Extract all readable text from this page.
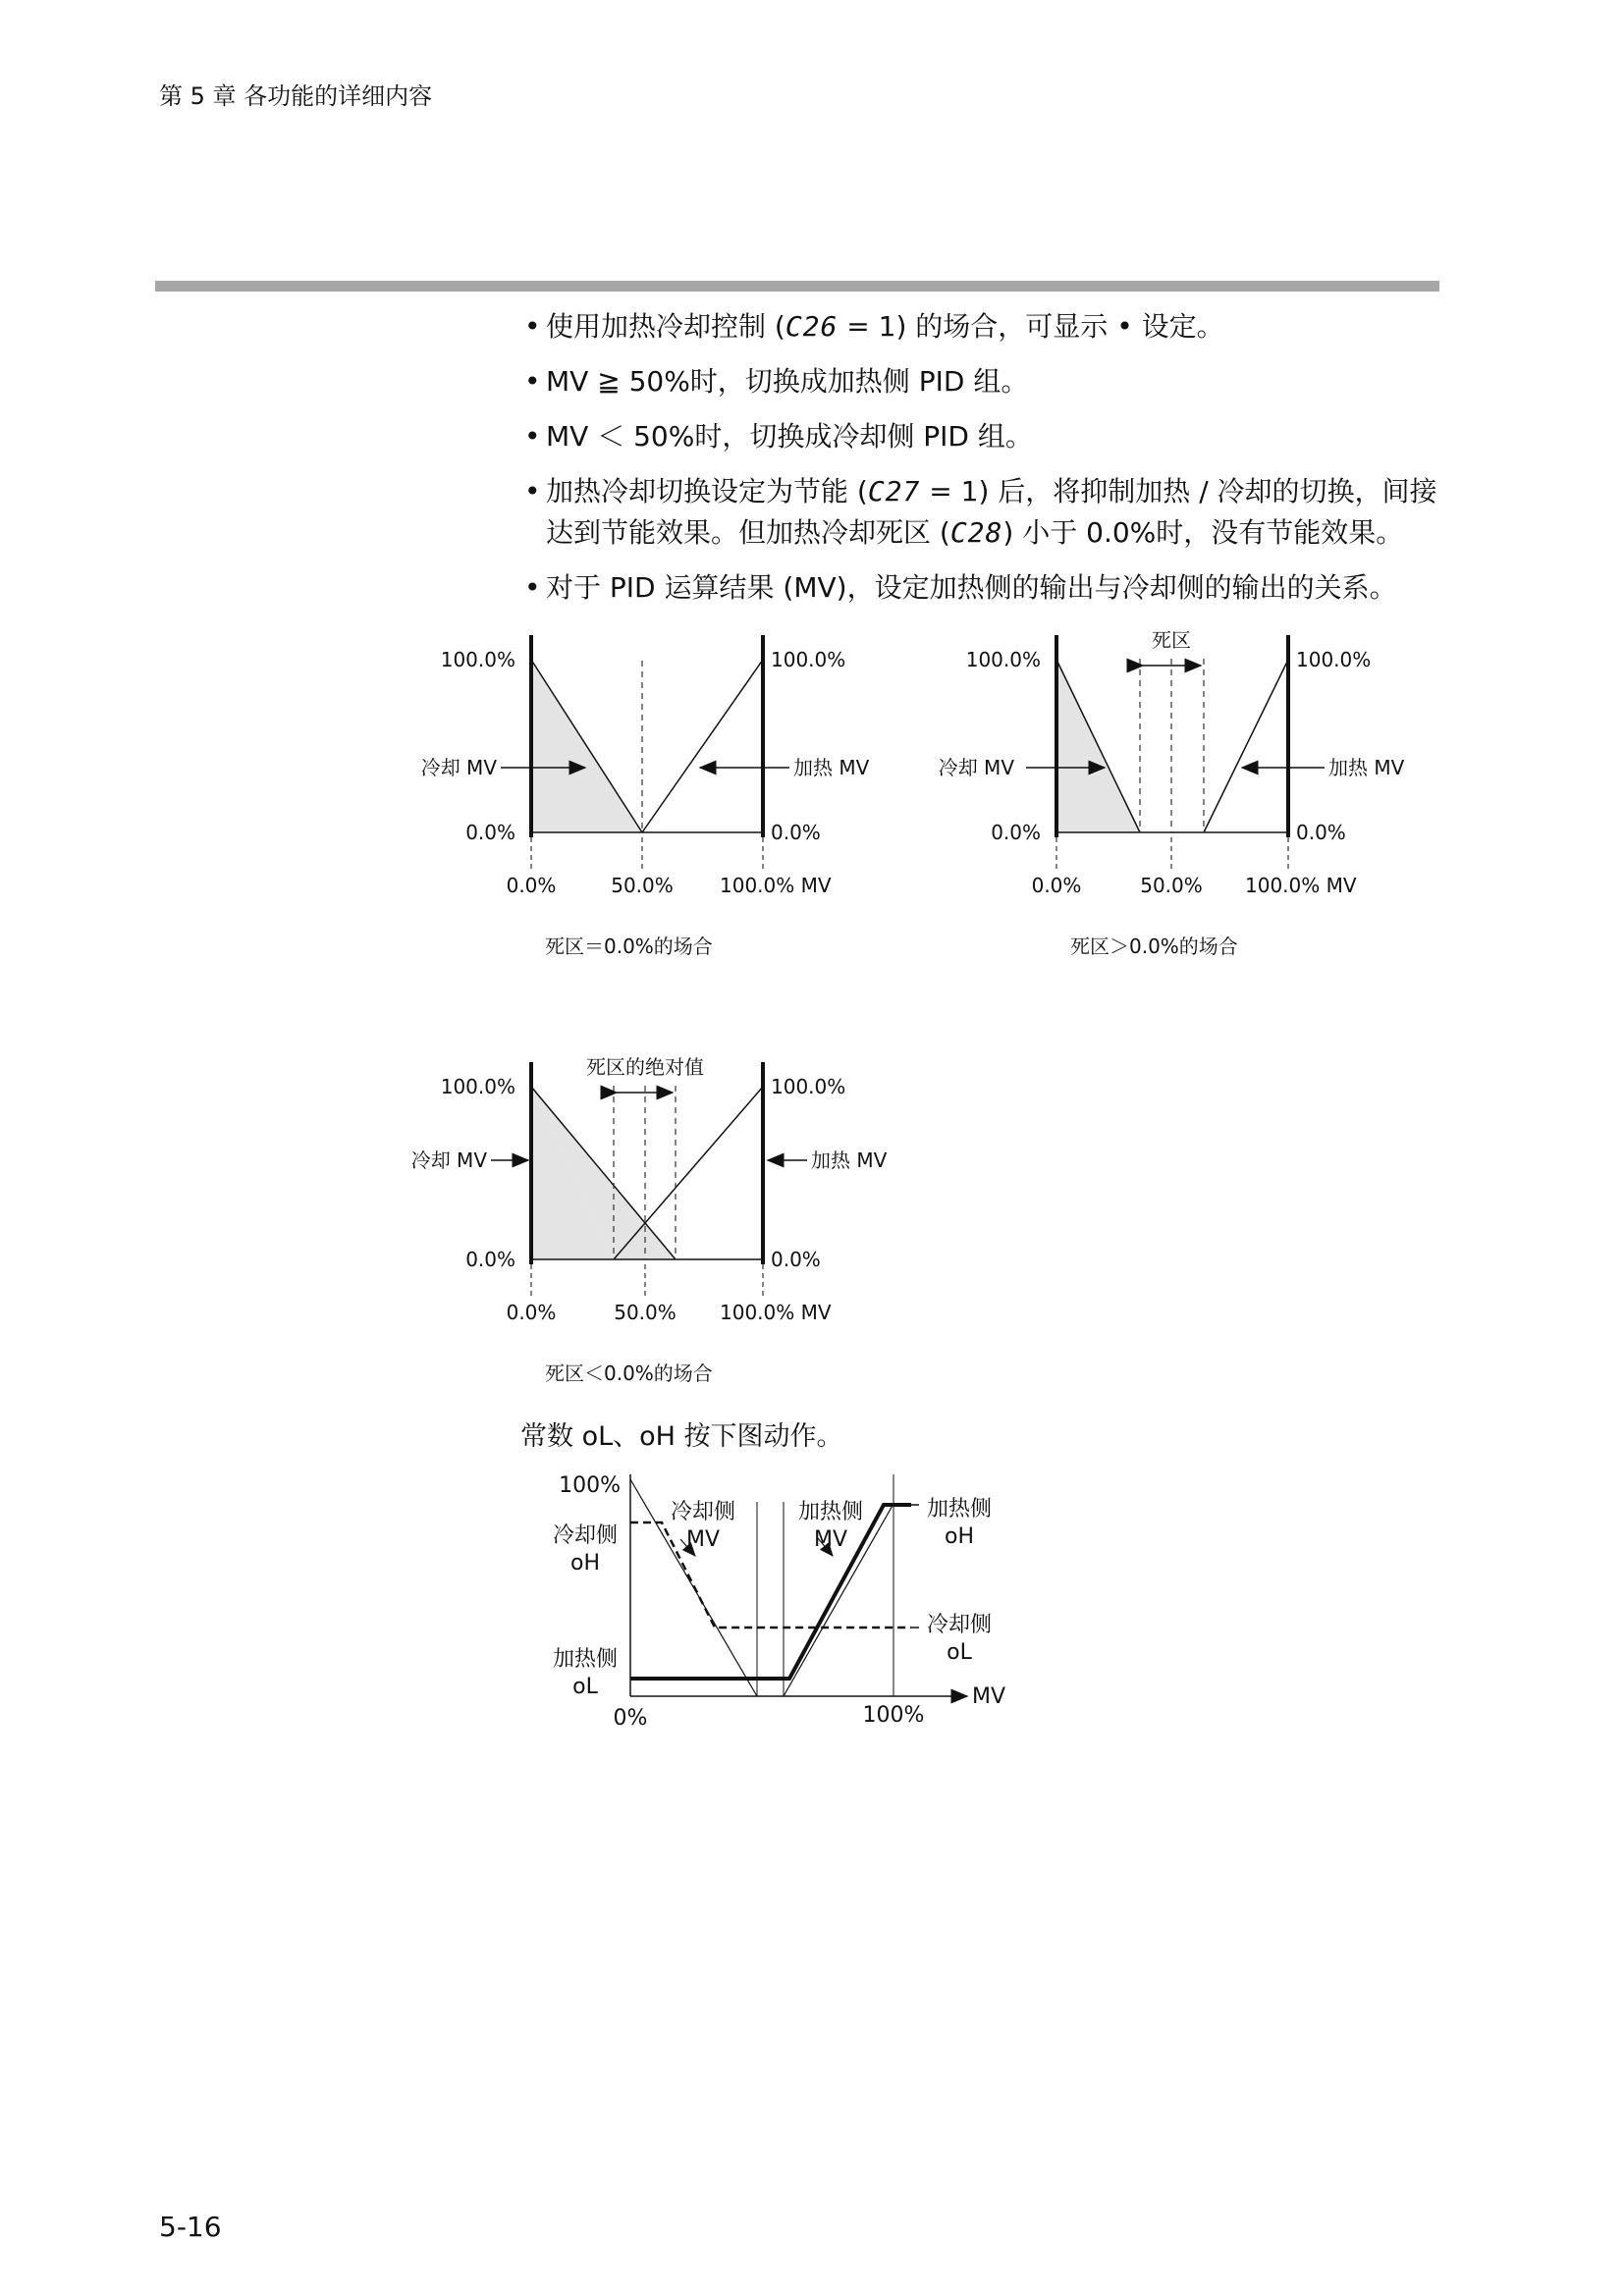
第 5 章 各功能的详细内容
• 使用加热冷却控制 (C26 = 1) 的场合，可显示 • 设定。
• MV ≧ 50%时，切换成加热侧 PID 组。
• MV ＜ 50%时，切换成冷却侧 PID 组。
• 加热冷却切换设定为节能 (C27 = 1) 后，将抑制加热 / 冷却的切换，间接达到节能效果。但加热冷却死区 (C28) 小于 0.0%时，没有节能效果。
• 对于 PID 运算结果 (MV)，设定加热侧的输出与冷却侧的输出的关系。
100.0%	100.0%
0.0%	0.0%
冷却 MV	加热 MV
0.0%	50.0% 100.0% MV
死区＝0.0%的场合
死区
100.0%	100.0%
0.0%	0.0%
冷却 MV	加热 MV
0.0%	50.0% 100.0% MV
死区＞0.0%的场合
死区的绝对值
100.0%	100.0%
0.0%	0.0%
冷却 MV	加热 MV
0.0%	50.0% 100.0% MV
死区＜0.0%的场合
常数 oL、oH 按下图动作。
100%
冷却侧
oH
加热侧
oL
冷却侧
MV
加热侧
MV
加热侧
oH
冷却侧
oL
0%	100%
MV
5-16
